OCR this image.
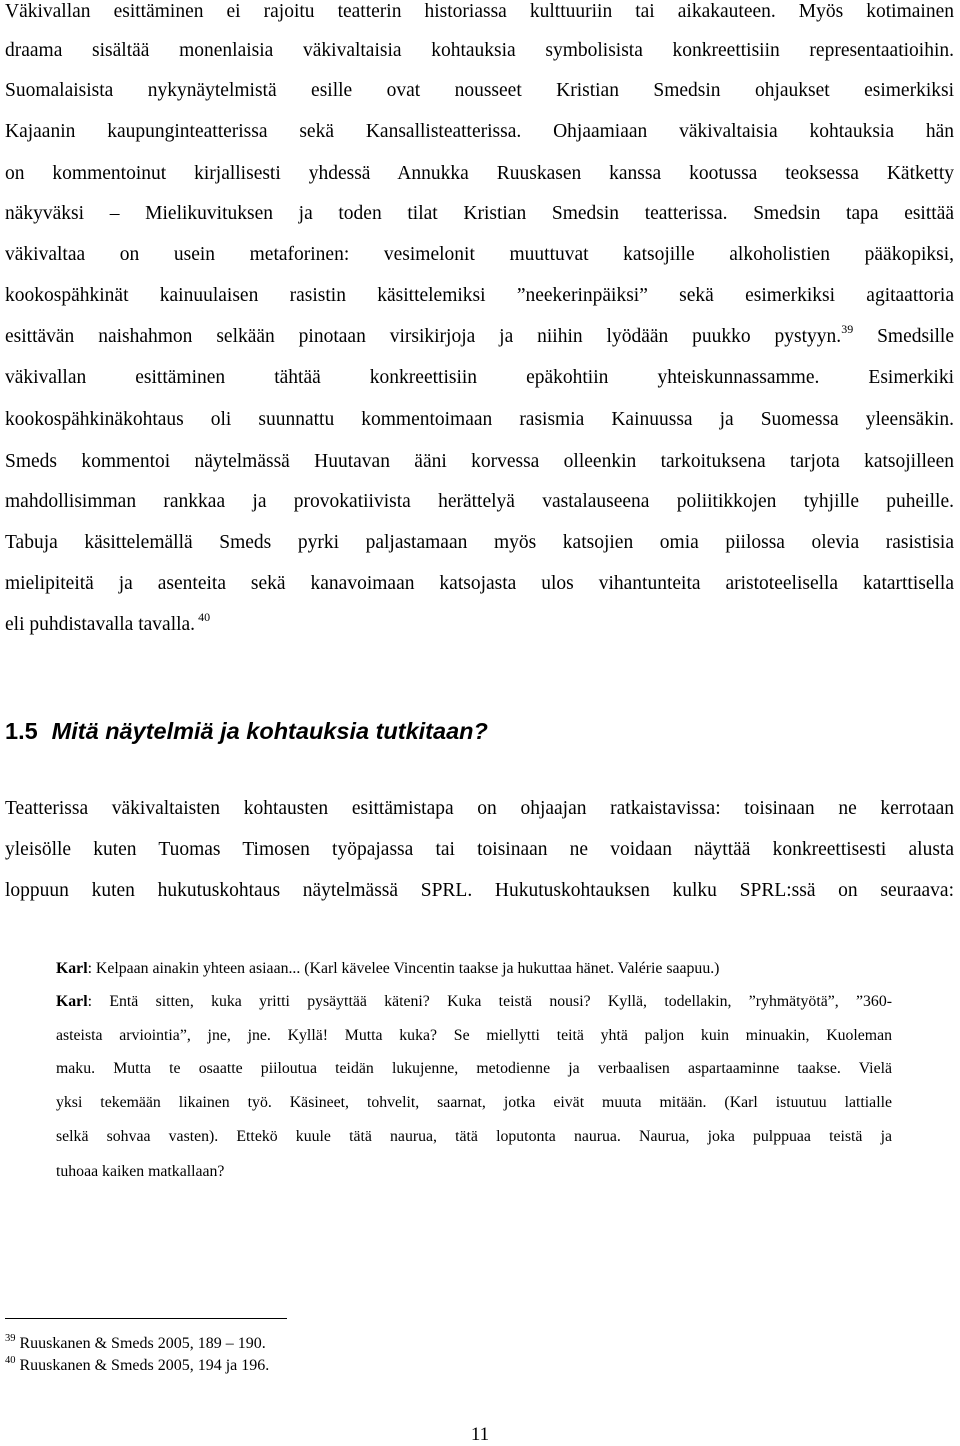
Väkivallan esittäminen ei rajoitu teatterin historiassa kulttuuriin tai aikakauteen. Myös kotimainen
draama sisältää monenlaisia väkivaltaisia kohtauksia symbolisista konkreettisiin representaatioihin.
Suomalaisista nykynäytelmistä esille ovat nousseet Kristian Smedsin ohjaukset esimerkiksi
Kajaanin kaupunginteatterissa sekä Kansallisteatterissa. Ohjaamiaan väkivaltaisia kohtauksia hän
on kommentoinut kirjallisesti yhdessä Annukka Ruuskasen kanssa kootussa teoksessa Kätketty
näkyväksi – Mielikuvituksen ja toden tilat Kristian Smedsin teatterissa. Smedsin tapa esittää
väkivaltaa on usein metaforinen: vesimelonit muuttuvat katsojille alkoholistien pääkopiksi,
kookospähkinät kainuulaisen rasistin käsittelemiksi ”neekerinpäiksi” sekä esimerkiksi agitaattoria
esittävän naishahmon selkään pinotaan virsikirjoja ja niihin lyödään puukko pystyyn.$^{39}$ Smedsille
väkivallan esittäminen tähtää konkreettisiin epäkohtiin yhteiskunnassamme. Esimerkiki
kookospähkinäkohtaus oli suunnattu kommentoimaan rasismia Kainuussa ja Suomessa yleensäkin.
Smeds kommentoi näytelmässä Huutavan ääni korvessa olleenkin tarkoituksena tarjota katsojilleen
mahdollisimman rankkaa ja provokatiivista herättelyä vastalauseena poliitikkojen tyhjille puheille.
Tabuja käsittelemällä Smeds pyrki paljastamaan myös katsojien omia piilossa olevia rasistisia
mielipiteitä ja asenteita sekä kanavoimaan katsojasta ulos vihantunteita aristoteelisella katarttisella
eli puhdistavalla tavalla. $^{40}$
1.5 Mitä näytelmiä ja kohtauksia tutkitaan?
Teatterissa väkivaltaisten kohtausten esittämistapa on ohjaajan ratkaistavissa: toisinaan ne kerrotaan
yleisölle kuten Tuomas Timosen työpajassa tai toisinaan ne voidaan näyttää konkreettisesti alusta
loppuun kuten hukutuskohtaus näytelmässä SPRL. Hukutuskohtauksen kulku SPRL:ssä on seuraava:
Karl: Kelpaan ainakin yhteen asiaan... (Karl kävelee Vincentin taakse ja hukuttaa hänet. Valérie saapuu.)
Karl: Entä sitten, kuka yritti pysäyttää käteni? Kuka teistä nousi? Kyllä, todellakin, ”ryhmätyötä”, ”360-
asteista arviointia”, jne, jne. Kyllä! Mutta kuka? Se miellytti teitä yhtä paljon kuin minuakin, Kuoleman
maku. Mutta te osaatte piiloutua teidän lukujenne, metodienne ja verbaalisen aspartaaminne taakse. Vielä
yksi tekemään likainen työ. Käsineet, tohvelit, saarnat, jotka eivät muuta mitään. (Karl istuutuu lattialle
selkä sohvaa vasten). Ettekö kuule tätä naurua, tätä loputonta naurua. Naurua, joka pulppuaa teistä ja
tuhoaa kaiken matkallaan?
$^{39}$ Ruuskanen & Smeds 2005, 189 – 190.
$^{40}$ Ruuskanen & Smeds 2005, 194 ja 196.
11
